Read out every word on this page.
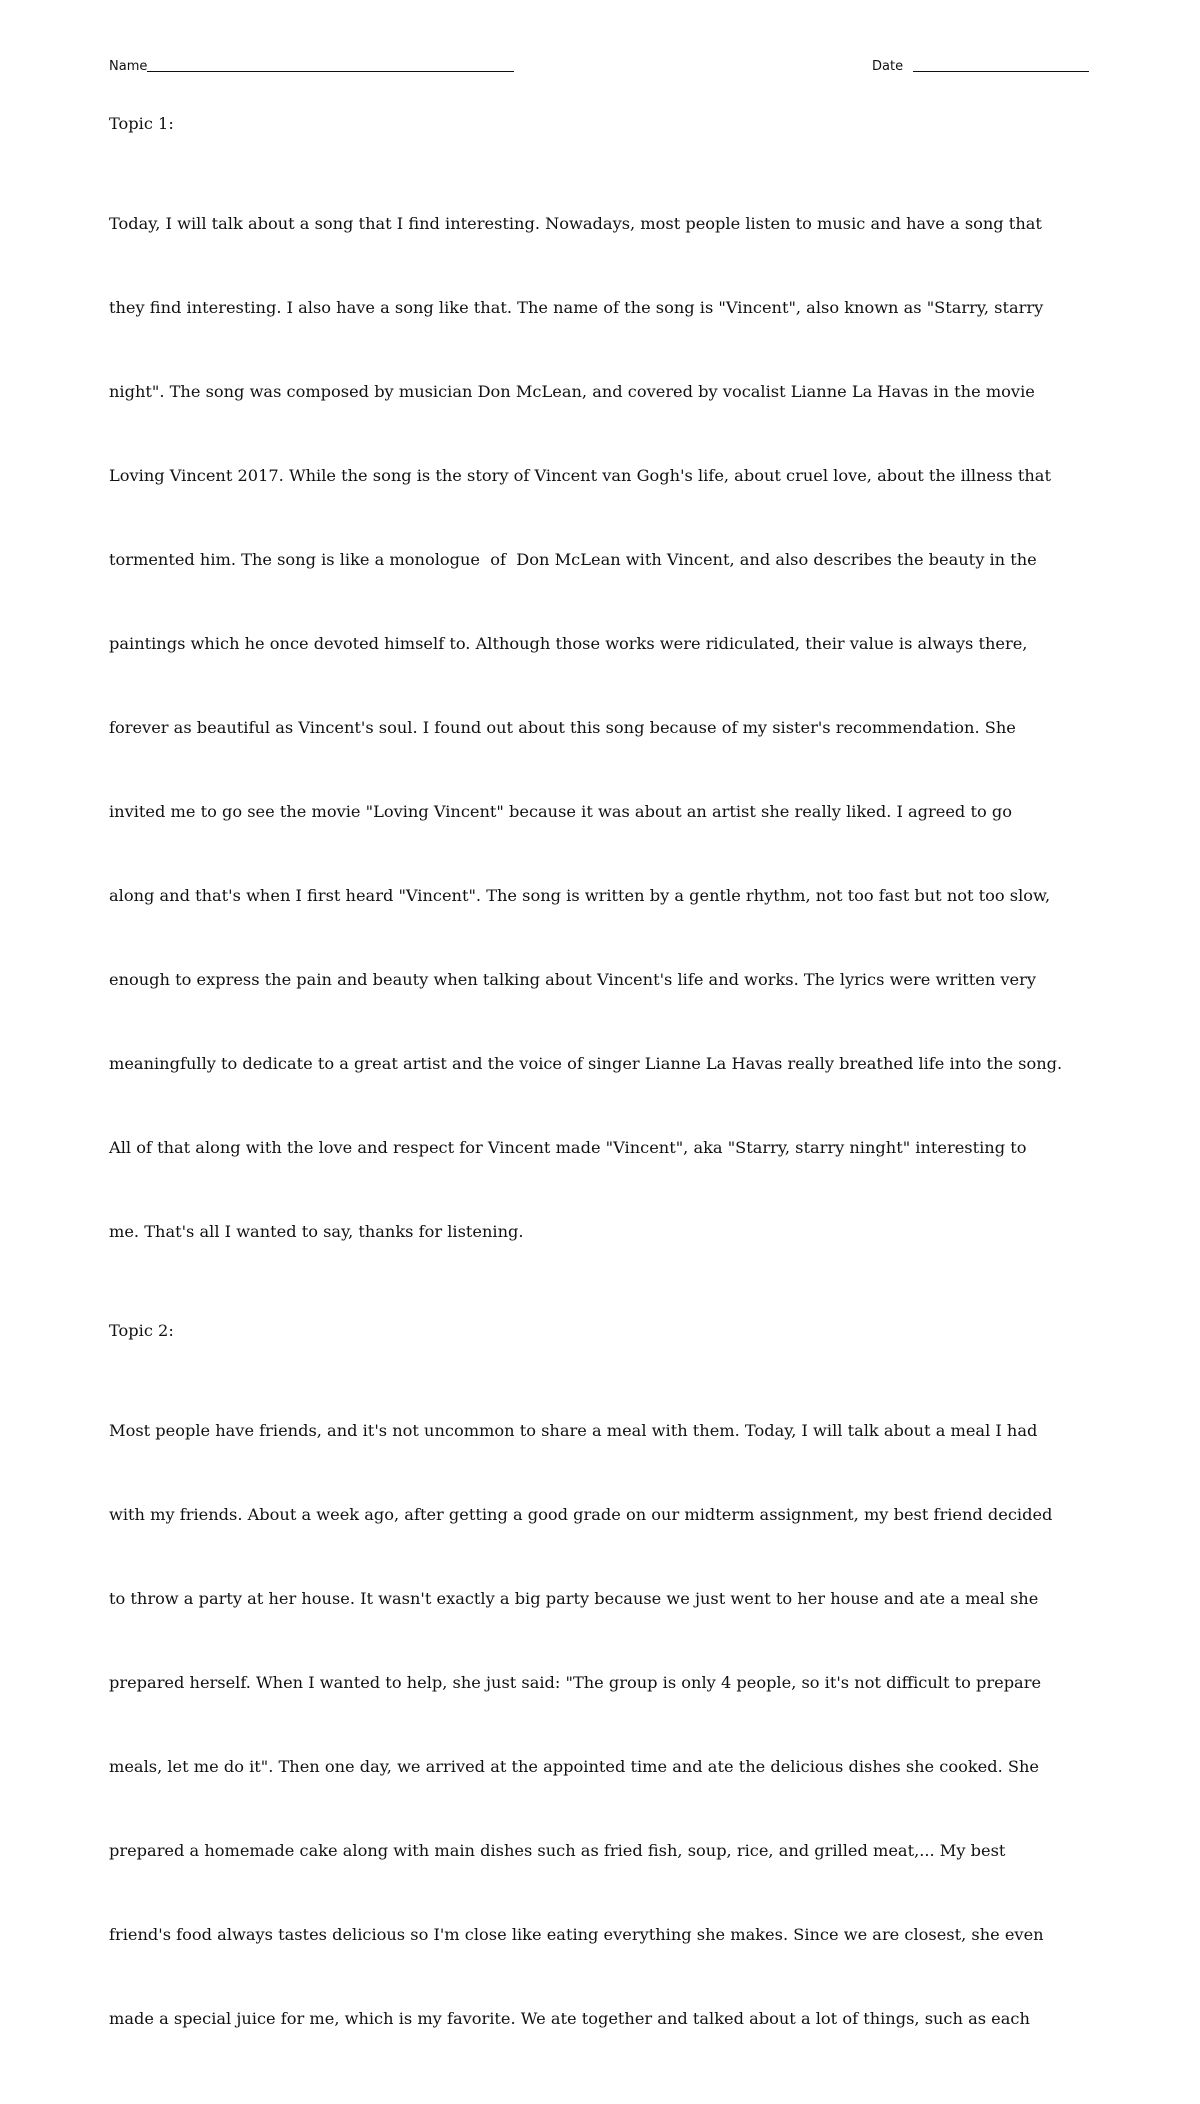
Name	Date
Topic 1:

Today, I will talk about a song that I find interesting. Nowadays, most people listen to music and have a song that

they find interesting. I also have a song like that. The name of the song is "Vincent", also known as "Starry, starry

night". The song was composed by musician Don McLean, and covered by vocalist Lianne La Havas in the movie

Loving Vincent 2017. While the song is the story of Vincent van Gogh's life, about cruel love, about the illness that

tormented him. The song is like a monologue  of  Don McLean with Vincent, and also describes the beauty in the

paintings which he once devoted himself to. Although those works were ridiculated, their value is always there,

forever as beautiful as Vincent's soul. I found out about this song because of my sister's recommendation. She

invited me to go see the movie "Loving Vincent" because it was about an artist she really liked. I agreed to go

along and that's when I first heard "Vincent". The song is written by a gentle rhythm, not too fast but not too slow,

enough to express the pain and beauty when talking about Vincent's life and works. The lyrics were written very

meaningfully to dedicate to a great artist and the voice of singer Lianne La Havas really breathed life into the song.

All of that along with the love and respect for Vincent made "Vincent", aka "Starry, starry ninght" interesting to

me. That's all I wanted to say, thanks for listening.

Topic 2:

Most people have friends, and it's not uncommon to share a meal with them. Today, I will talk about a meal I had

with my friends. About a week ago, after getting a good grade on our midterm assignment, my best friend decided

to throw a party at her house. It wasn't exactly a big party because we just went to her house and ate a meal she

prepared herself. When I wanted to help, she just said: "The group is only 4 people, so it's not difficult to prepare

meals, let me do it". Then one day, we arrived at the appointed time and ate the delicious dishes she cooked. She

prepared a homemade cake along with main dishes such as fried fish, soup, rice, and grilled meat,... My best

friend's food always tastes delicious so I'm close like eating everything she makes. Since we are closest, she even

made a special juice for me, which is my favorite. We ate together and talked about a lot of things, such as each
